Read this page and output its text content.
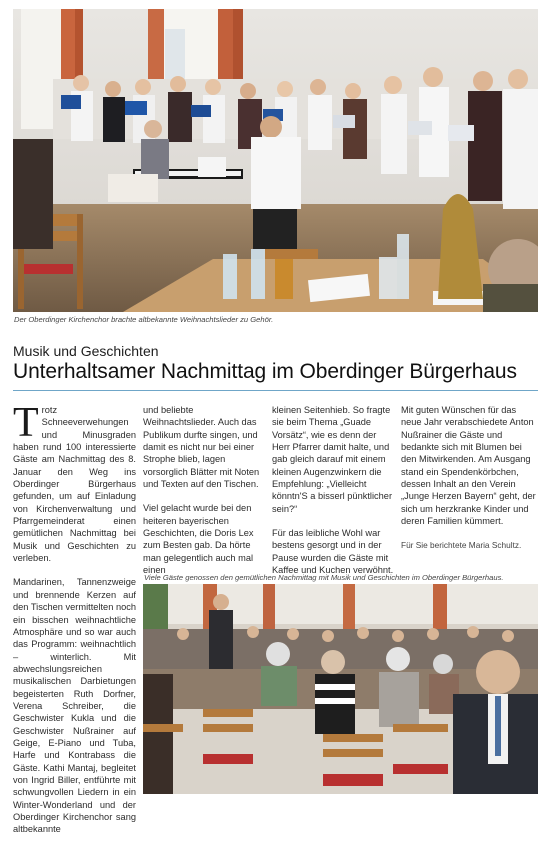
Der Oberdinger Kirchenchor brachte altbekannte Weihnachtslieder zu Gehör.
Musik und Geschichten
Unterhaltsamer Nachmittag im Oberdinger Bürgerhaus

Trotz Schneeverwehungen und Minusgraden haben rund 100 interessierte Gäste am Nachmittag des 8. Januar den Weg ins Oberdinger Bürgerhaus gefunden, um auf Einladung von Kirchenverwaltung und Pfarrgemeinderat einen gemütlichen Nachmittag bei Musik und Geschichten zu verleben.

Mandarinen, Tannenzweige und brennende Kerzen auf den Tischen vermittelten noch ein bisschen weihnachtliche Atmosphäre und so war auch das Programm: weihnachtlich – winterlich. Mit abwechslungsreichen musikalischen Darbietungen begeisterten Ruth Dorfner, Verena Schreiber, die Geschwister Kukla und die Geschwister Nußrainer auf Geige, E-Piano und Tuba, Harfe und Kontrabass die Gäste. Kathi Mantaj, begleitet von Ingrid Biller, entführte mit schwungvollen Liedern in ein Winter-Wonderland und der Oberdinger Kirchenchor sang altbekannte

und beliebte Weihnachtslieder. Auch das Publikum durfte singen, und damit es nicht nur bei einer Strophe blieb, lagen vorsorglich Blätter mit Noten und Texten auf den Tischen.

Viel gelacht wurde bei den heiteren bayerischen Geschichten, die Doris Lex zum Besten gab. Da hörte man gelegentlich auch mal einen

kleinen Seitenhieb. So fragte sie beim Thema „Guade Vorsätz“, wie es denn der Herr Pfarrer damit halte, und gab gleich darauf mit einem kleinen Augenzwinkern die Empfehlung: „Vielleicht könntn'S a bisserl pünktlicher sein?“

Für das leibliche Wohl war bestens gesorgt und in der Pause wurden die Gäste mit Kaffee und Kuchen verwöhnt.

Mit guten Wünschen für das neue Jahr verabschiedete Anton Nußrainer die Gäste und bedankte sich mit Blumen bei den Mitwirkenden. Am Ausgang stand ein Spendenkörbchen, dessen Inhalt an den Verein „Junge Herzen Bayern“ geht, der sich um herzkranke Kinder und deren Familien kümmert.

Für Sie berichtete Maria Schultz.

Viele Gäste genossen den gemütlichen Nachmittag mit Musik und Geschichten im Oberdinger Bürgerhaus.
